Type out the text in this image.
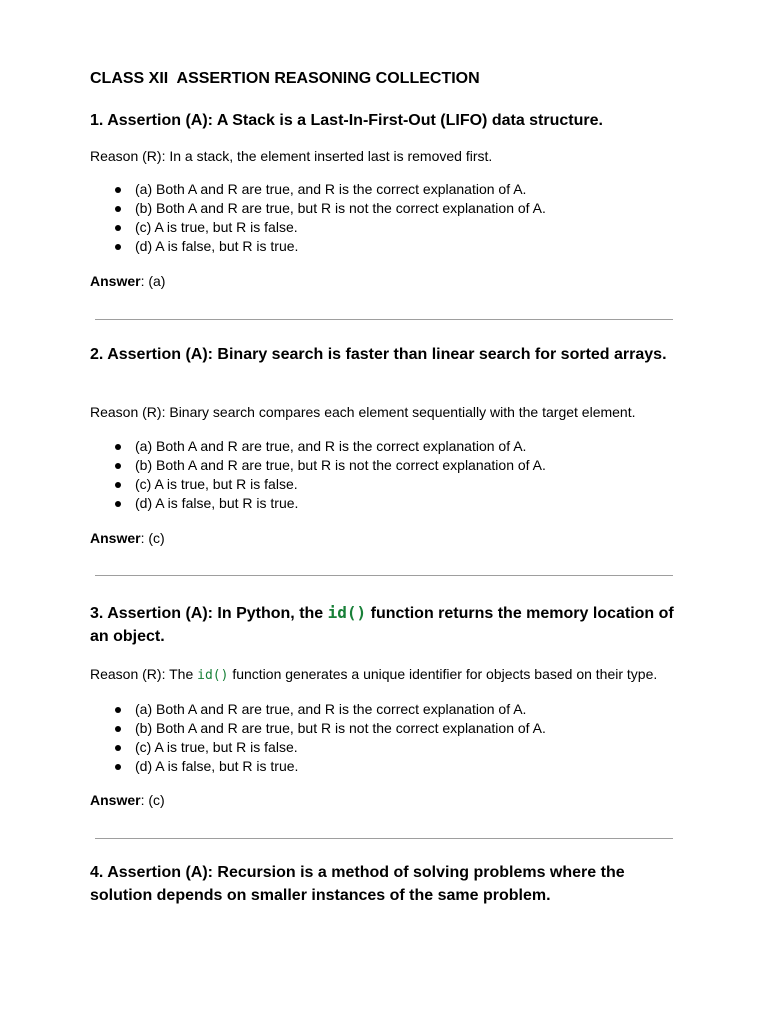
CLASS XII  ASSERTION REASONING COLLECTION
1. Assertion (A): A Stack is a Last-In-First-Out (LIFO) data structure.
Reason (R): In a stack, the element inserted last is removed first.
(a) Both A and R are true, and R is the correct explanation of A.
(b) Both A and R are true, but R is not the correct explanation of A.
(c) A is true, but R is false.
(d) A is false, but R is true.
Answer: (a)
2. Assertion (A): Binary search is faster than linear search for sorted arrays.
Reason (R): Binary search compares each element sequentially with the target element.
(a) Both A and R are true, and R is the correct explanation of A.
(b) Both A and R are true, but R is not the correct explanation of A.
(c) A is true, but R is false.
(d) A is false, but R is true.
Answer: (c)
3. Assertion (A): In Python, the id() function returns the memory location of an object.
Reason (R): The id() function generates a unique identifier for objects based on their type.
(a) Both A and R are true, and R is the correct explanation of A.
(b) Both A and R are true, but R is not the correct explanation of A.
(c) A is true, but R is false.
(d) A is false, but R is true.
Answer: (c)
4. Assertion (A): Recursion is a method of solving problems where the solution depends on smaller instances of the same problem.
